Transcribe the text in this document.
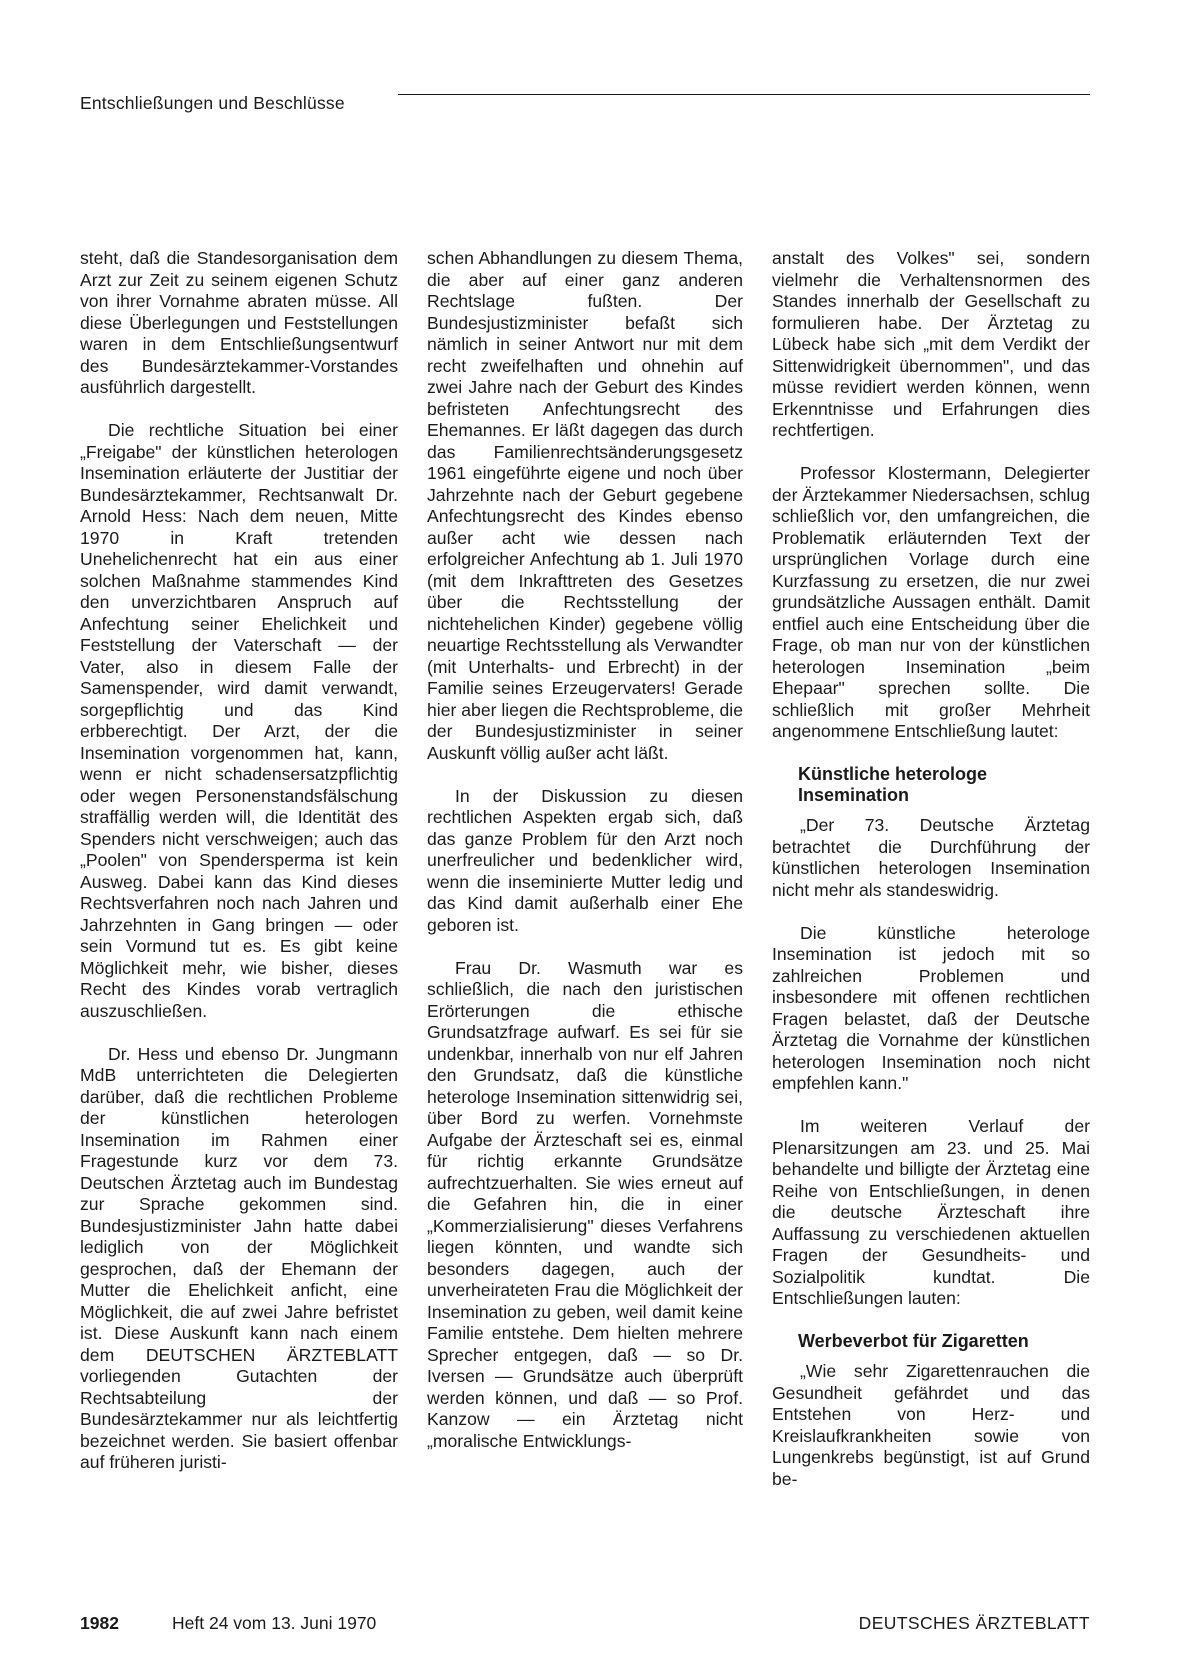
Entschließungen und Beschlüsse

steht, daß die Standesorganisation dem Arzt zur Zeit zu seinem eigenen Schutz von ihrer Vornahme abraten müsse. All diese Überlegungen und Feststellungen waren in dem Entschließungsentwurf des Bundesärztekammer-Vorstandes ausführlich dargestellt.

Die rechtliche Situation bei einer „Freigabe" der künstlichen heterologen Insemination erläuterte der Justitiar der Bundesärztekammer, Rechtsanwalt Dr. Arnold Hess: Nach dem neuen, Mitte 1970 in Kraft tretenden Unehelichenrecht hat ein aus einer solchen Maßnahme stammendes Kind den unverzichtbaren Anspruch auf Anfechtung seiner Ehelichkeit und Feststellung der Vaterschaft — der Vater, also in diesem Falle der Samenspender, wird damit verwandt, sorgepflichtig und das Kind erbberechtigt. Der Arzt, der die Insemination vorgenommen hat, kann, wenn er nicht schadensersatzpflichtig oder wegen Personenstandsfälschung straffällig werden will, die Identität des Spenders nicht verschweigen; auch das „Poolen" von Spendersperma ist kein Ausweg. Dabei kann das Kind dieses Rechtsverfahren noch nach Jahren und Jahrzehnten in Gang bringen — oder sein Vormund tut es. Es gibt keine Möglichkeit mehr, wie bisher, dieses Recht des Kindes vorab vertraglich auszuschließen.

Dr. Hess und ebenso Dr. Jungmann MdB unterrichteten die Delegierten darüber, daß die rechtlichen Probleme der künstlichen heterologen Insemination im Rahmen einer Fragestunde kurz vor dem 73. Deutschen Ärztetag auch im Bundestag zur Sprache gekommen sind. Bundesjustizminister Jahn hatte dabei lediglich von der Möglichkeit gesprochen, daß der Ehemann der Mutter die Ehelichkeit anficht, eine Möglichkeit, die auf zwei Jahre befristet ist. Diese Auskunft kann nach einem dem DEUTSCHEN ÄRZTEBLATT vorliegenden Gutachten der Rechtsabteilung der Bundesärztekammer nur als leichtfertig bezeichnet werden. Sie basiert offenbar auf früheren juristi-

schen Abhandlungen zu diesem Thema, die aber auf einer ganz anderen Rechtslage fußten. Der Bundesjustizminister befaßt sich nämlich in seiner Antwort nur mit dem recht zweifelhaften und ohnehin auf zwei Jahre nach der Geburt des Kindes befristeten Anfechtungsrecht des Ehemannes. Er läßt dagegen das durch das Familienrechtsänderungsgesetz 1961 eingeführte eigene und noch über Jahrzehnte nach der Geburt gegebene Anfechtungsrecht des Kindes ebenso außer acht wie dessen nach erfolgreicher Anfechtung ab 1. Juli 1970 (mit dem Inkrafttreten des Gesetzes über die Rechtsstellung der nichtehelichen Kinder) gegebene völlig neuartige Rechtsstellung als Verwandter (mit Unterhalts- und Erbrecht) in der Familie seines Erzeugervaters! Gerade hier aber liegen die Rechtsprobleme, die der Bundesjustizminister in seiner Auskunft völlig außer acht läßt.

In der Diskussion zu diesen rechtlichen Aspekten ergab sich, daß das ganze Problem für den Arzt noch unerfreulicher und bedenklicher wird, wenn die inseminierte Mutter ledig und das Kind damit außerhalb einer Ehe geboren ist.

Frau Dr. Wasmuth war es schließlich, die nach den juristischen Erörterungen die ethische Grundsatzfrage aufwarf. Es sei für sie undenkbar, innerhalb von nur elf Jahren den Grundsatz, daß die künstliche heterologe Insemination sittenwidrig sei, über Bord zu werfen. Vornehmste Aufgabe der Ärzteschaft sei es, einmal für richtig erkannte Grundsätze aufrechtzuerhalten. Sie wies erneut auf die Gefahren hin, die in einer „Kommerzialisierung" dieses Verfahrens liegen könnten, und wandte sich besonders dagegen, auch der unverheirateten Frau die Möglichkeit der Insemination zu geben, weil damit keine Familie entstehe. Dem hielten mehrere Sprecher entgegen, daß — so Dr. Iversen — Grundsätze auch überprüft werden können, und daß — so Prof. Kanzow — ein Ärztetag nicht „moralische Entwicklungs-

anstalt des Volkes" sei, sondern vielmehr die Verhaltensnormen des Standes innerhalb der Gesellschaft zu formulieren habe. Der Ärztetag zu Lübeck habe sich „mit dem Verdikt der Sittenwidrigkeit übernommen", und das müsse revidiert werden können, wenn Erkenntnisse und Erfahrungen dies rechtfertigen.

Professor Klostermann, Delegierter der Ärztekammer Niedersachsen, schlug schließlich vor, den umfangreichen, die Problematik erläuternden Text der ursprünglichen Vorlage durch eine Kurzfassung zu ersetzen, die nur zwei grundsätzliche Aussagen enthält. Damit entfiel auch eine Entscheidung über die Frage, ob man nur von der künstlichen heterologen Insemination „beim Ehepaar" sprechen sollte. Die schließlich mit großer Mehrheit angenommene Entschließung lautet:

Künstliche heterologe Insemination

„Der 73. Deutsche Ärztetag betrachtet die Durchführung der künstlichen heterologen Insemination nicht mehr als standeswidrig.

Die künstliche heterologe Insemination ist jedoch mit so zahlreichen Problemen und insbesondere mit offenen rechtlichen Fragen belastet, daß der Deutsche Ärztetag die Vornahme der künstlichen heterologen Insemination noch nicht empfehlen kann."

Im weiteren Verlauf der Plenarsitzungen am 23. und 25. Mai behandelte und billigte der Ärztetag eine Reihe von Entschließungen, in denen die deutsche Ärzteschaft ihre Auffassung zu verschiedenen aktuellen Fragen der Gesundheits- und Sozialpolitik kundtat. Die Entschließungen lauten:

Werbeverbot für Zigaretten

„Wie sehr Zigarettenrauchen die Gesundheit gefährdet und das Entstehen von Herz- und Kreislaufkrankheiten sowie von Lungenkrebs begünstigt, ist auf Grund be-

1982	Heft 24 vom 13. Juni 1970	DEUTSCHES ÄRZTEBLATT
